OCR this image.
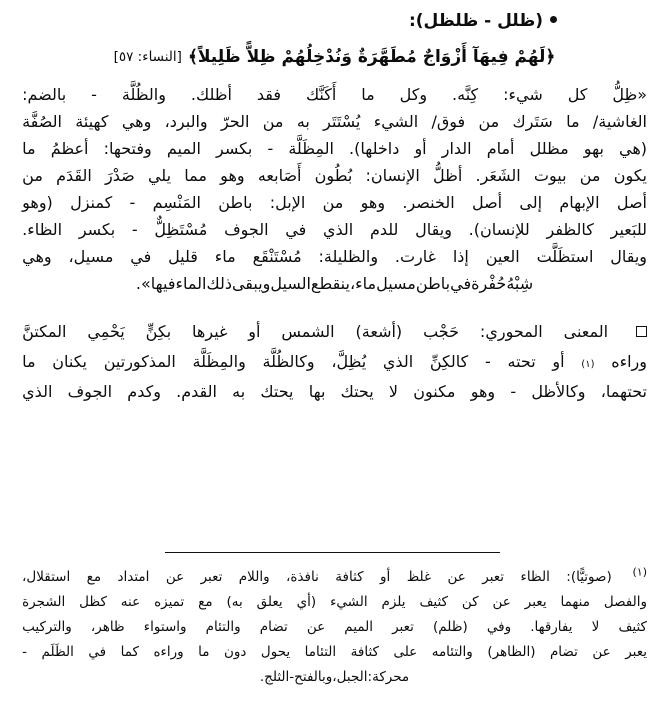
(ظلل - ظلظل):
﴿لَهُمْ فِيهَآ أَزْوَاجٌ مُطَهَّرَةٌ وَنُدْخِلُهُمْ ظِلاًّ ظَلِيلاً﴾[النساء: ٥٧]
«ظِلُّ
كل
شيء:
كِنَّه.
وكل
ما
أَكَنَّك
فقد
أظلك.
والظُلَّة
-
بالضم:
الغاشية/
ما
سَتَرك
من
فوق/
الشيء
يُسْتَتَر
به
من
الحرّ
والبرد،
وهي
كهيئة
الصُفَّة
(هي
بهو
مظلل
أمام
الدار
أو
داخلها).
المِظَلَّة
-
بكسر
الميم
وفتحها:
أعظمُ
ما
يكون
من
بيوت
الشَعَر.
أظلُّ
الإنسان:
بُطُون
أَصَابعه
وهو
مما
يلي
صَدْرَ
القَدَم
من
أصل
الإبهام
إلى
أصل
الخنصر.
وهو
من
الإبل:
باطن
المَنْسِم
-
كمنزل
(وهو
للبَعير
كالظفر
للإنسان).
ويقال
للدم
الذي
في
الجوف
مُسْتَظِلٌّ
-
بكسر
الظاء.
ويقال
استظَلَّت
العين
إذا
غارت.
والظليلة:
مُسْتَنْقَع
ماء
قليل
في
مسيل،
وهي
شِبْهُ
حُفْرة
في
باطن
مسيل
ماء،
ينقطع
السيل
ويبقى
ذلك
الماء
فيها».
المعنى
المحوري:
حَجْب
(أشعة)
الشمس
أو
غيرها
بكِنٍّ
يَحْمِي
المكتنَّ
وراءه
(١)
أو
تحته
-
كالكِنِّ
الذي
يُظِلَّ،
وكالظُلَّة
والمِظَلَّة
المذكورتين
يكنان
ما
تحتهما،
وكالأظل
-
وهو
مكنون
لا
يحتك
بها
يحتك
به
القدم.
وكدم
الجوف
الذي
$^{(١)}$
(صوتيًّا):
الظاء
تعبر
عن
غلظ
أو
كثافة
نافذة،
واللام
تعبر
عن
امتداد
مع
استقلال،
والفصل
منهما
يعبر
عن
كن
كثيف
يلزم
الشيء
(أي
يعلق
به)
مع
تميزه
عنه
كظل
الشجرة
كثيف
لا
يفارقها.
وفي
(ظلم)
تعبر
الميم
عن
تضام
والتئام
واستواء
ظاهر،
والتركيب
يعبر
عن
تضام
(الظاهر)
والتئامه
على
كثافة
التئاما
يحول
دون
ما
وراءه
كما
في
الظَلَم
-
محركة:
الجبل،
وبالفتح
-
الثلج.
